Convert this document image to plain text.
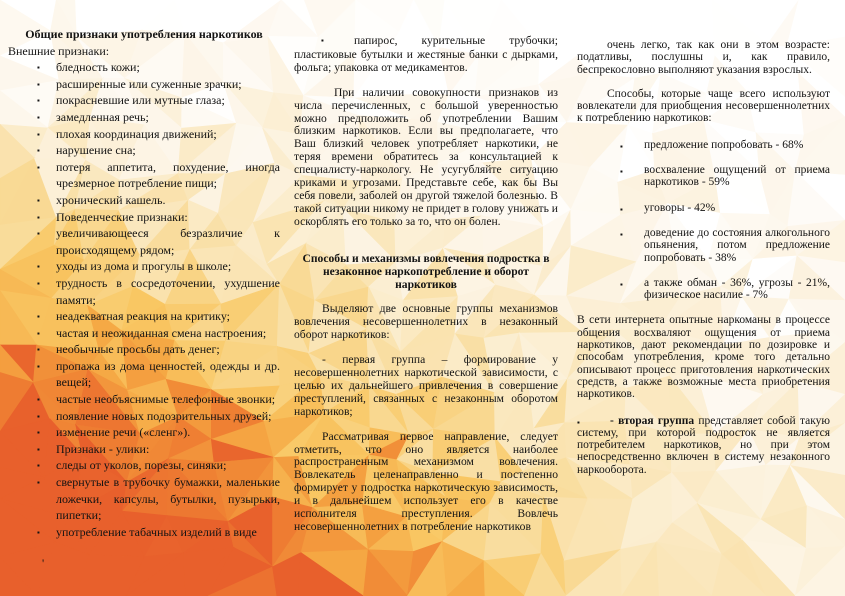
Общие признаки употребления наркотиков

Внешние признаки:

▪ бледность кожи;
▪ расширенные или суженные зрачки;
▪ покрасневшие или мутные глаза;
▪ замедленная речь;
▪ плохая координация движений;
▪ нарушение сна;
▪ потеря аппетита, похудение, иногда чрезмерное потребление пищи;
▪ хронический кашель.
▪ Поведенческие признаки:
▪ увеличивающееся безразличие к происходящему рядом;
▪ уходы из дома и прогулы в школе;
▪ трудность в сосредоточении, ухудшение памяти;
▪ неадекватная реакция на критику;
▪ частая и неожиданная смена настроения;
▪ необычные просьбы дать денег;
▪ пропажа из дома ценностей, одежды и др. вещей;
▪ частые необъяснимые телефонные звонки;
▪ появление новых подозрительных друзей;
▪ изменение речи («сленг»).
▪ Признаки - улики:
▪ следы от уколов, порезы, синяки;
▪ свернутые в трубочку бумажки, маленькие ложечки, капсулы, бутылки, пузырьки, пипетки;
▪ употребление табачных изделий в виде

'

▪ папирос, курительные трубочки; пластиковые бутылки и жестяные банки с дырками, фольга; упаковка от медикаментов.

При наличии совокупности признаков из числа перечисленных, с большой уверенностью можно предположить об употреблении Вашим близким наркотиков. Если вы предполагаете, что Ваш близкий человек употребляет наркотики, не теряя времени обратитесь за консультацией к специалисту-наркологу. Не усугубляйте ситуацию криками и угрозами. Представьте себе, как бы Вы себя повели, заболей он другой тяжелой болезнью. В такой ситуации никому не придет в голову унижать и оскорблять его только за то, что он болен.

Способы и механизмы вовлечения подростка в незаконное наркопотребление и оборот наркотиков

Выделяют две основные группы механизмов вовлечения несовершеннолетних в незаконный оборот наркотиков:

- первая группа – формирование у несовершеннолетних наркотической зависимости, с целью их дальнейшего привлечения в совершение преступлений, связанных с незаконным оборотом наркотиков;

Рассматривая первое направление, следует отметить, что оно является наиболее распространенным механизмом вовлечения. Вовлекатель целенаправленно и постепенно формирует у подростка наркотическую зависимость, и в дальнейшем использует его в качестве исполнителя преступления. Вовлечь несовершеннолетних в потребление наркотиков

очень легко, так как они в этом возрасте: податливы, послушны и, как правило, беспрекословно выполняют указания взрослых.

Способы, которые чаще всего используют вовлекатели для приобщения несовершеннолетних к потреблению наркотиков:

▪ предложение попробовать - 68%
▪ восхваление ощущений от приема наркотиков - 59%
▪ уговоры - 42%
▪ доведение до состояния алкогольного опьянения, потом предложение попробовать - 38%
▪ а также обман - 36%, угрозы - 21%, физическое насилие - 7%

В сети интернета опытные наркоманы в процессе общения восхваляют ощущения от приема наркотиков, дают рекомендации по дозировке и способам употребления, кроме того детально описывают процесс приготовления наркотических средств, а также возможные места приобретения наркотиков.

▪	- вторая группа представляет собой такую систему, при которой подросток не является потребителем наркотиков, но при этом непосредственно включен в систему незаконного наркооборота.
